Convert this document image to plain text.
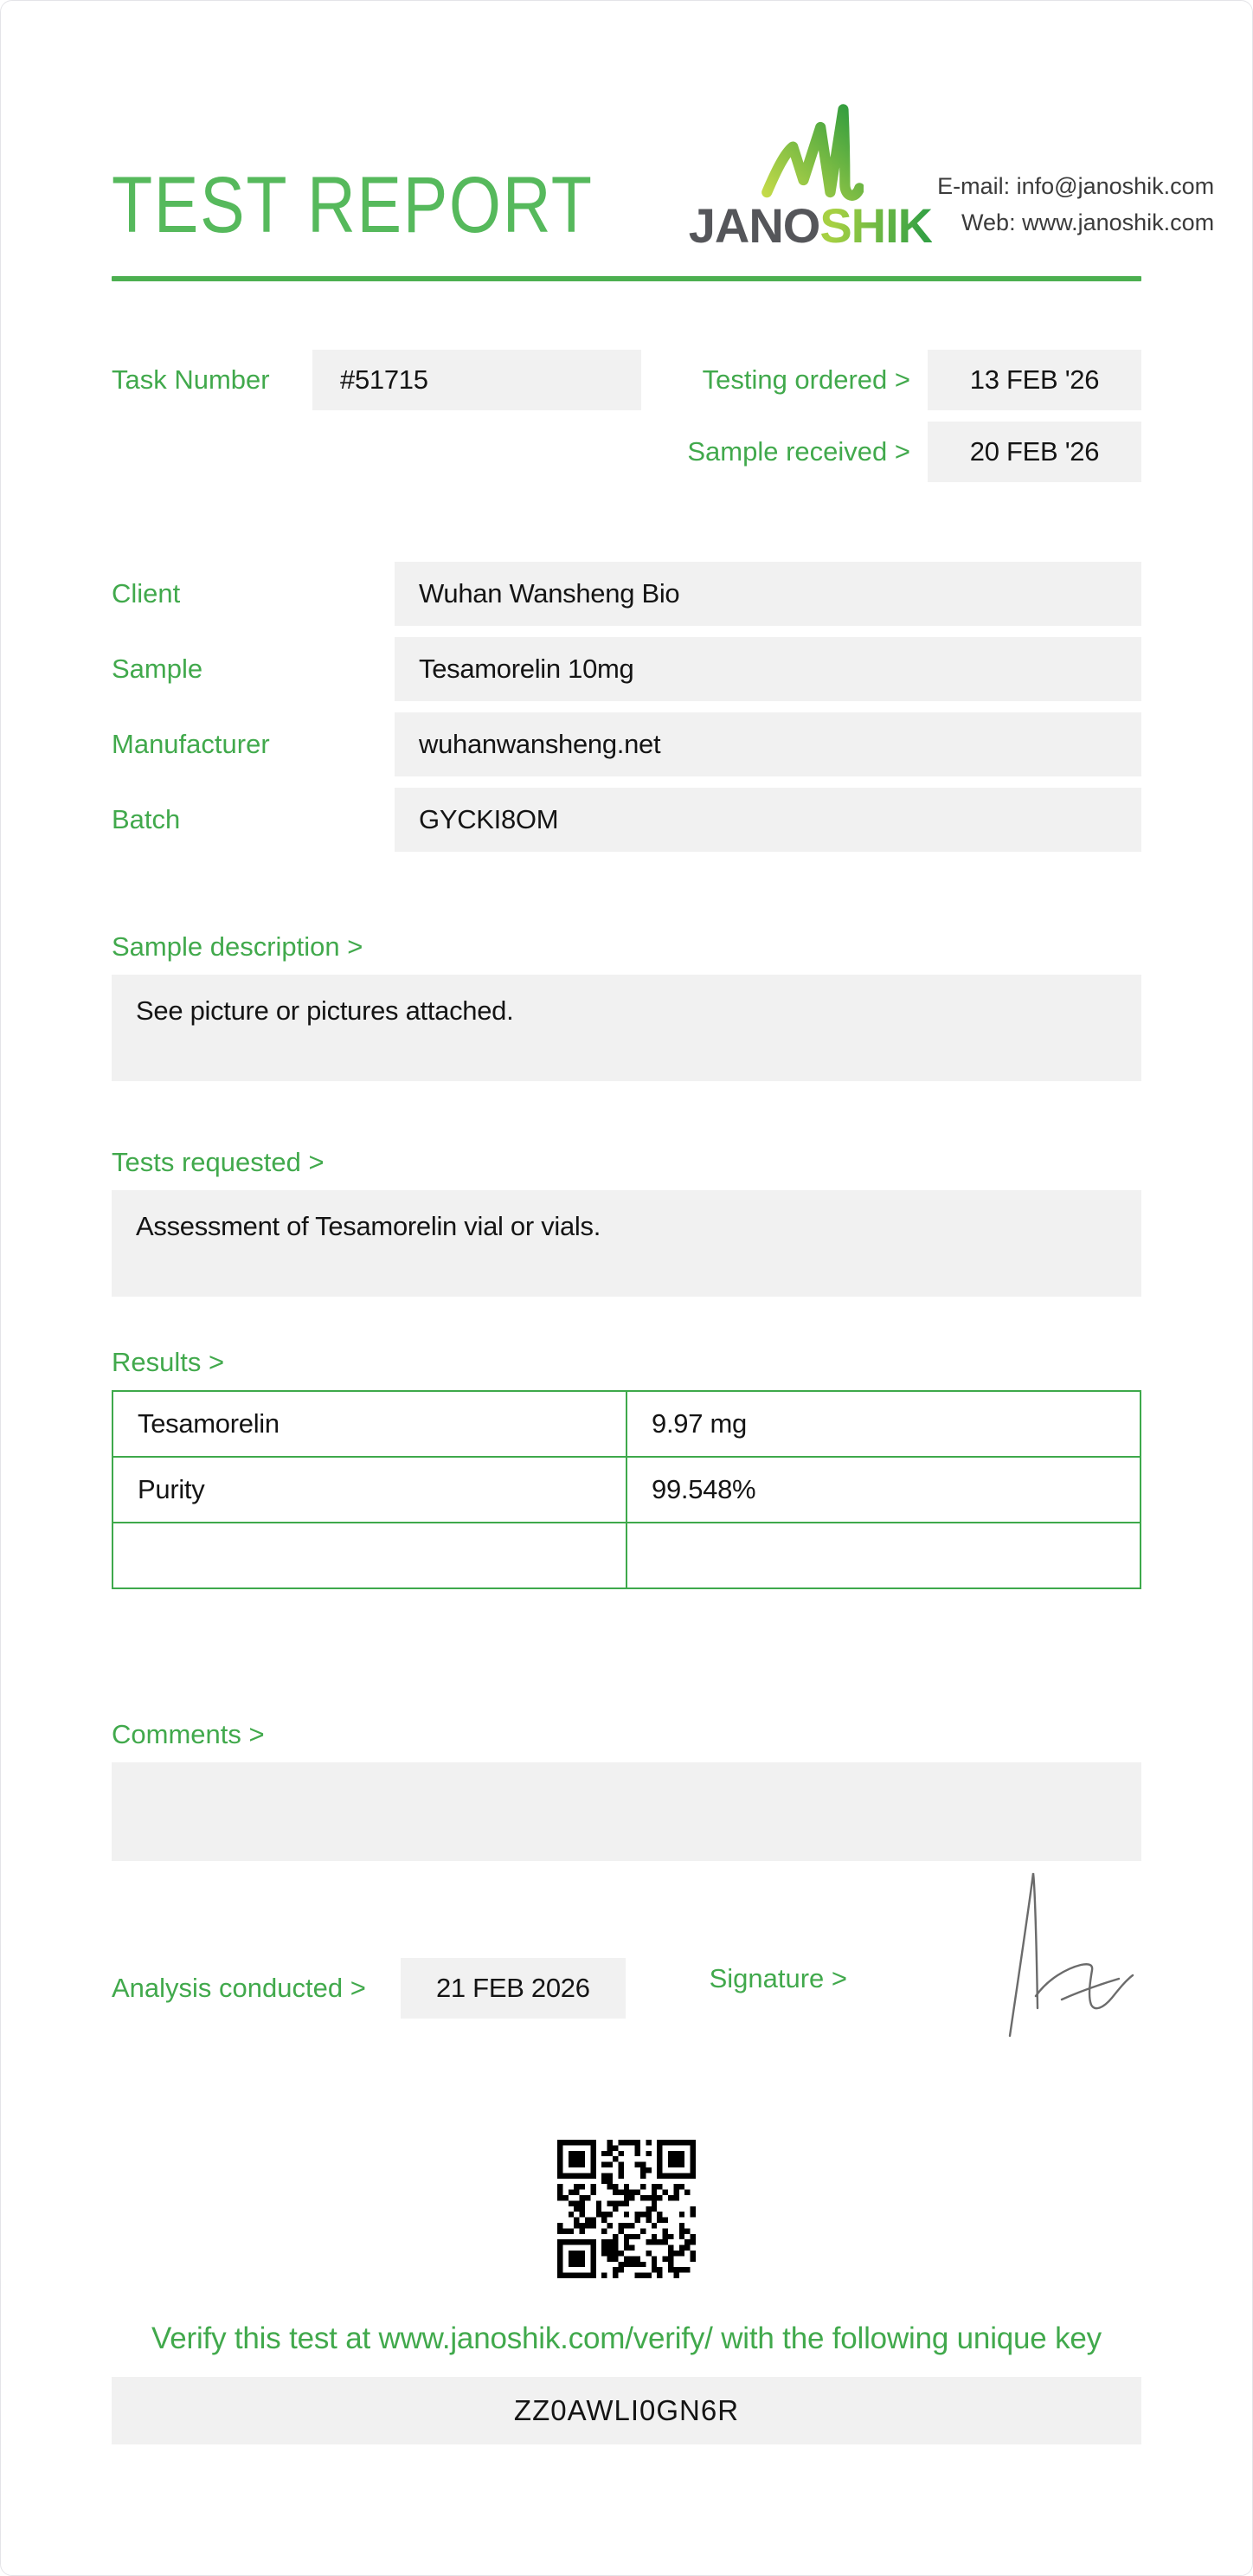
TEST REPORT JANOSHIK
E-mail: info@janoshik.com
Web: www.janoshik.com
Task Number	#51715	Testing ordered > 13 FEB '26
Sample received > 20 FEB '26
Client	Wuhan Wansheng Bio
Sample	Tesamorelin 10mg
Manufacturer	wuhanwansheng.net
Batch	GYCKI8OM
Sample description >
See picture or pictures attached.
Tests requested >
Assessment of Tesamorelin vial or vials.
Results >
Tesamorelin	9.97 mg
Purity	99.548%

Comments >
Analysis conducted >	21 FEB 2026	Signature >
Verify this test at www.janoshik.com/verify/ with the following unique key
ZZ0AWLI0GN6R
